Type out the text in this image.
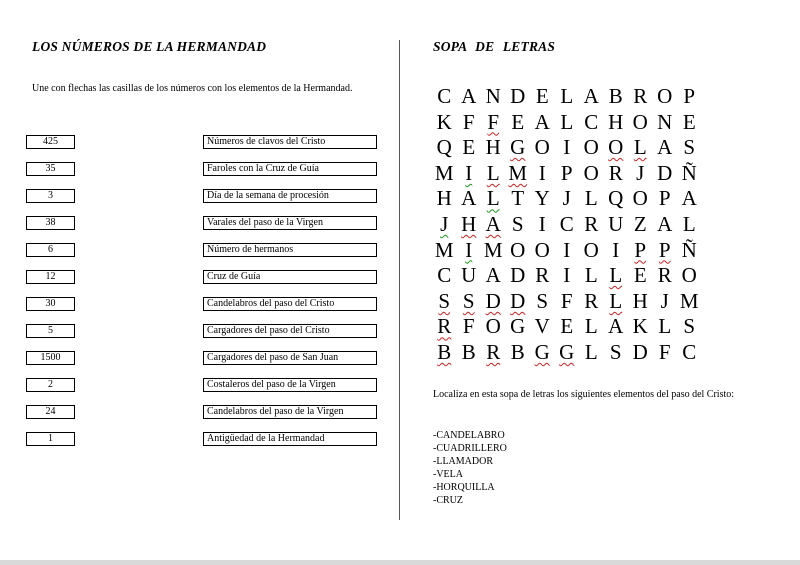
LOS NÚMEROS DE LA HERMANDAD
Une con flechas las casillas de los números con los elementos de la Hermandad.
425	Números de clavos del Cristo
35	Faroles con la Cruz de Guía
3	Día de la semana de procesión
38	Varales del paso de la Virgen
6	Número de hermanos
12	Cruz de Guía
30	Candelabros del paso del Cristo
5	Cargadores del paso del Cristo
1500	Cargadores del paso de San Juan
2	Costaleros del paso de la Virgen
24	Candelabros del paso de la Virgen
1	Antigüedad de la Hermandad
SOPA DE LETRAS
C A N D E L A B R O P
K F F E A L C H O N E
Q E H G O I O O L A S
M I L M I P O R J D Ñ
H A L T Y J L Q O P A
J H A S I C R U Z A L
M I M O O I O I P P Ñ
C U A D R I L L E R O
S S D D S F R L H J M
R F O G V E L A K L S
B B R B G G L S D F C
Localiza en esta sopa de letras los siguientes elementos del paso del Cristo:
-CANDELABRO
-CUADRILLERO
-LLAMADOR
-VELA
-HORQUILLA
-CRUZ
